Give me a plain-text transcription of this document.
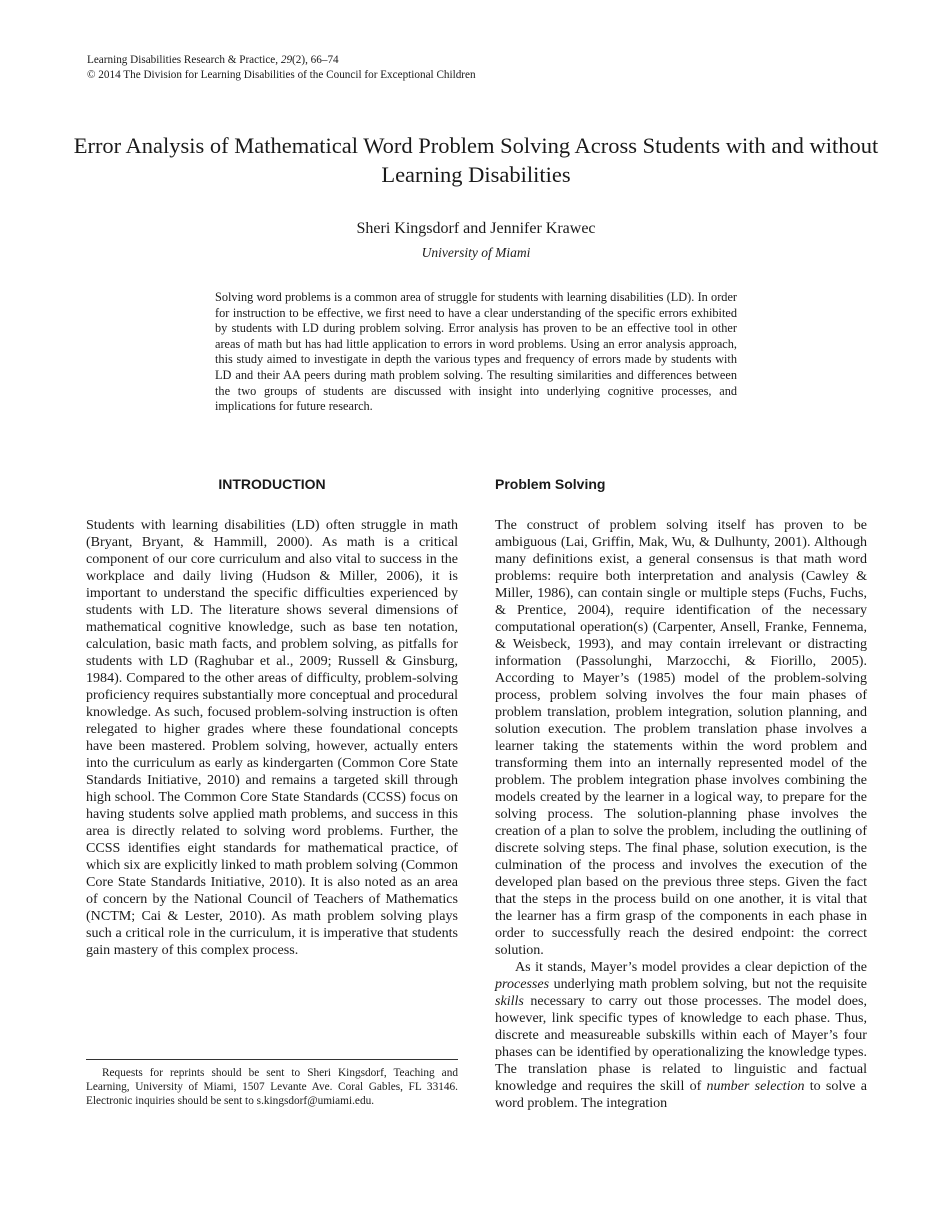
Learning Disabilities Research & Practice, 29(2), 66–74
© 2014 The Division for Learning Disabilities of the Council for Exceptional Children
Error Analysis of Mathematical Word Problem Solving Across Students with and without Learning Disabilities
Sheri Kingsdorf and Jennifer Krawec
University of Miami
Solving word problems is a common area of struggle for students with learning disabilities (LD). In order for instruction to be effective, we first need to have a clear understanding of the specific errors exhibited by students with LD during problem solving. Error analysis has proven to be an effective tool in other areas of math but has had little application to errors in word problems. Using an error analysis approach, this study aimed to investigate in depth the various types and frequency of errors made by students with LD and their AA peers during math problem solving. The resulting similarities and differences between the two groups of students are discussed with insight into underlying cognitive processes, and implications for future research.
INTRODUCTION

Students with learning disabilities (LD) often struggle in math (Bryant, Bryant, & Hammill, 2000). As math is a critical component of our core curriculum and also vital to success in the workplace and daily living (Hudson & Miller, 2006), it is important to understand the specific difficulties experienced by students with LD. The literature shows several dimensions of mathematical cognitive knowledge, such as base ten notation, calculation, basic math facts, and problem solving, as pitfalls for students with LD (Raghubar et al., 2009; Russell & Ginsburg, 1984). Compared to the other areas of difficulty, problem-solving proficiency requires substantially more conceptual and procedural knowledge. As such, focused problem-solving instruction is often relegated to higher grades where these foundational concepts have been mastered. Problem solving, however, actually enters into the curriculum as early as kindergarten (Common Core State Standards Initiative, 2010) and remains a targeted skill through high school. The Common Core State Standards (CCSS) focus on having students solve applied math problems, and success in this area is directly related to solving word problems. Further, the CCSS identifies eight standards for mathematical practice, of which six are explicitly linked to math problem solving (Common Core State Standards Initiative, 2010). It is also noted as an area of concern by the National Council of Teachers of Mathematics (NCTM; Cai & Lester, 2010). As math problem solving plays such a critical role in the curriculum, it is imperative that students gain mastery of this complex process.

Problem Solving

The construct of problem solving itself has proven to be ambiguous (Lai, Griffin, Mak, Wu, & Dulhunty, 2001). Although many definitions exist, a general consensus is that math word problems: require both interpretation and analysis (Cawley & Miller, 1986), can contain single or multiple steps (Fuchs, Fuchs, & Prentice, 2004), require identification of the necessary computational operation(s) (Carpenter, Ansell, Franke, Fennema, & Weisbeck, 1993), and may contain irrelevant or distracting information (Passolunghi, Marzocchi, & Fiorillo, 2005). According to Mayer’s (1985) model of the problem-solving process, problem solving involves the four main phases of problem translation, problem integration, solution planning, and solution execution. The problem translation phase involves a learner taking the statements within the word problem and transforming them into an internally represented model of the problem. The problem integration phase involves combining the models created by the learner in a logical way, to prepare for the solving process. The solution-planning phase involves the creation of a plan to solve the problem, including the outlining of discrete solving steps. The final phase, solution execution, is the culmination of the process and involves the execution of the developed plan based on the previous three steps. Given the fact that the steps in the process build on one another, it is vital that the learner has a firm grasp of the components in each phase in order to successfully reach the desired endpoint: the correct solution.

As it stands, Mayer’s model provides a clear depiction of the processes underlying math problem solving, but not the requisite skills necessary to carry out those processes. The model does, however, link specific types of knowledge to each phase. Thus, discrete and measureable subskills within each of Mayer’s four phases can be identified by operationalizing the knowledge types. The translation phase is related to linguistic and factual knowledge and requires the skill of number selection to solve a word problem. The integration

Requests for reprints should be sent to Sheri Kingsdorf, Teaching and Learning, University of Miami, 1507 Levante Ave. Coral Gables, FL 33146. Electronic inquiries should be sent to s.kingsdorf@umiami.edu.
